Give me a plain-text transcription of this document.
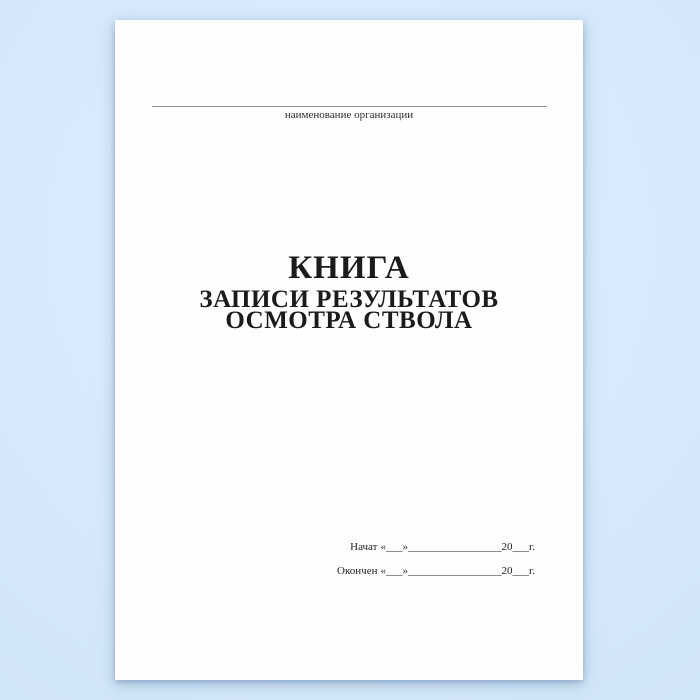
наименование организации
КНИГА
ЗАПИСИ РЕЗУЛЬТАТОВ
ОСМОТРА СТВОЛА
Начат «___»_________________20___г.
Окончен «___»_________________20___г.
